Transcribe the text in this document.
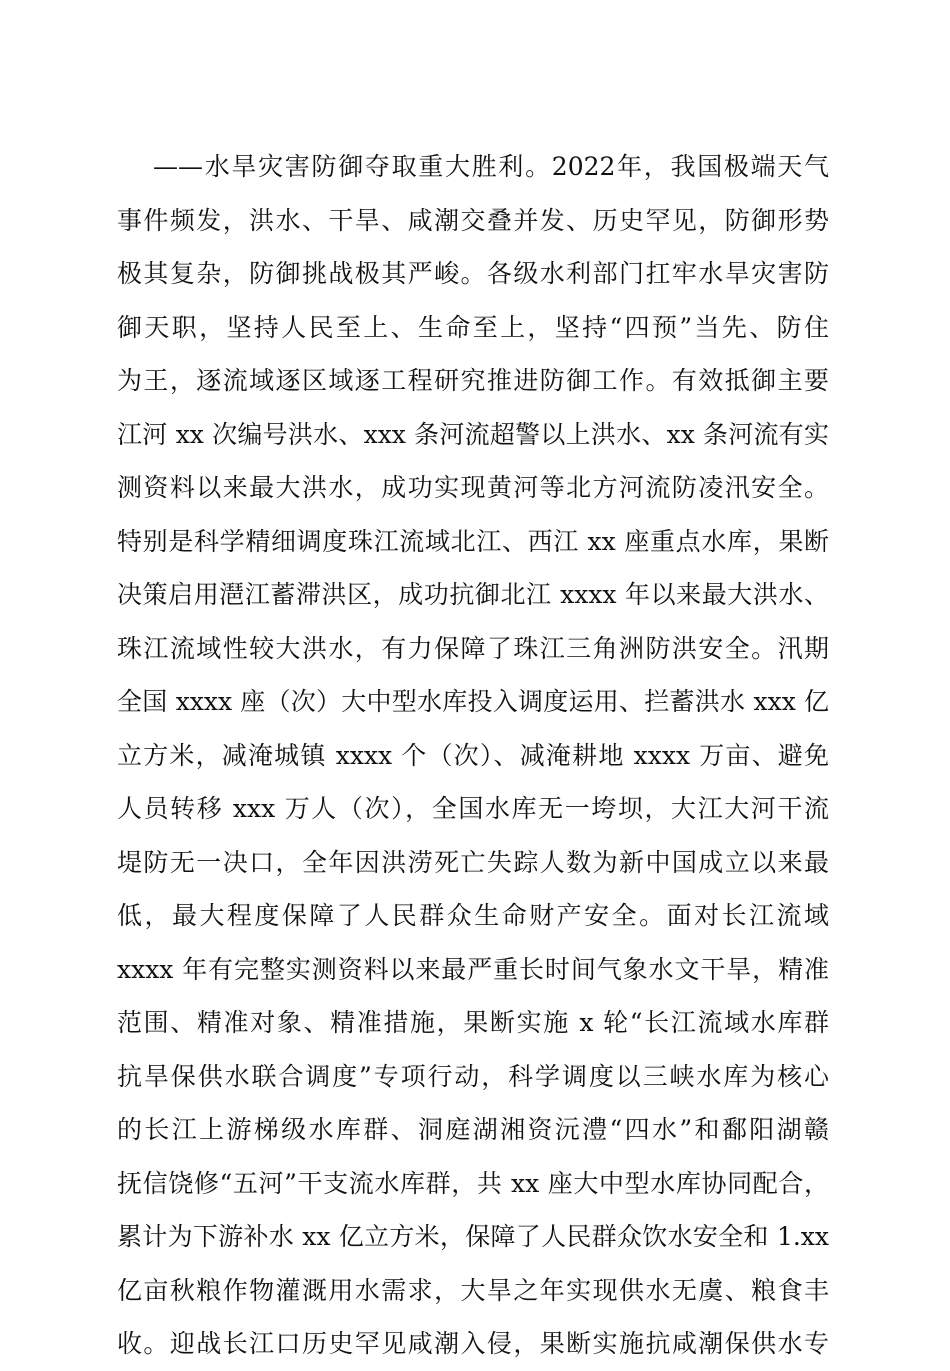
——水旱灾害防御夺取重大胜利。2022年，我国极端天气
事件频发，洪水、干旱、咸潮交叠并发、历史罕见，防御形势
极其复杂，防御挑战极其严峻。各级水利部门扛牢水旱灾害防
御天职，坚持人民至上、生命至上，坚持“四预”当先、防住
为王，逐流域逐区域逐工程研究推进防御工作。有效抵御主要
江河 xx 次编号洪水、xxx 条河流超警以上洪水、xx 条河流有实
测资料以来最大洪水，成功实现黄河等北方河流防凌汛安全。
特别是科学精细调度珠江流域北江、西江 xx 座重点水库，果断
决策启用潖江蓄滞洪区，成功抗御北江 xxxx 年以来最大洪水、
珠江流域性较大洪水，有力保障了珠江三角洲防洪安全。汛期
全国 xxxx 座（次）大中型水库投入调度运用、拦蓄洪水 xxx 亿
立方米，减淹城镇 xxxx 个（次）、减淹耕地 xxxx 万亩、避免
人员转移 xxx 万人（次），全国水库无一垮坝，大江大河干流
堤防无一决口，全年因洪涝死亡失踪人数为新中国成立以来最
低，最大程度保障了人民群众生命财产安全。面对长江流域
xxxx 年有完整实测资料以来最严重长时间气象水文干旱，精准
范围、精准对象、精准措施，果断实施 x 轮“长江流域水库群
抗旱保供水联合调度”专项行动，科学调度以三峡水库为核心
的长江上游梯级水库群、洞庭湖湘资沅澧“四水”和鄱阳湖赣
抚信饶修“五河”干支流水库群，共 xx 座大中型水库协同配合，
累计为下游补水 xx 亿立方米，保障了人民群众饮水安全和 1.xx
亿亩秋粮作物灌溉用水需求，大旱之年实现供水无虞、粮食丰
收。迎战长江口历史罕见咸潮入侵，果断实施抗咸潮保供水专
